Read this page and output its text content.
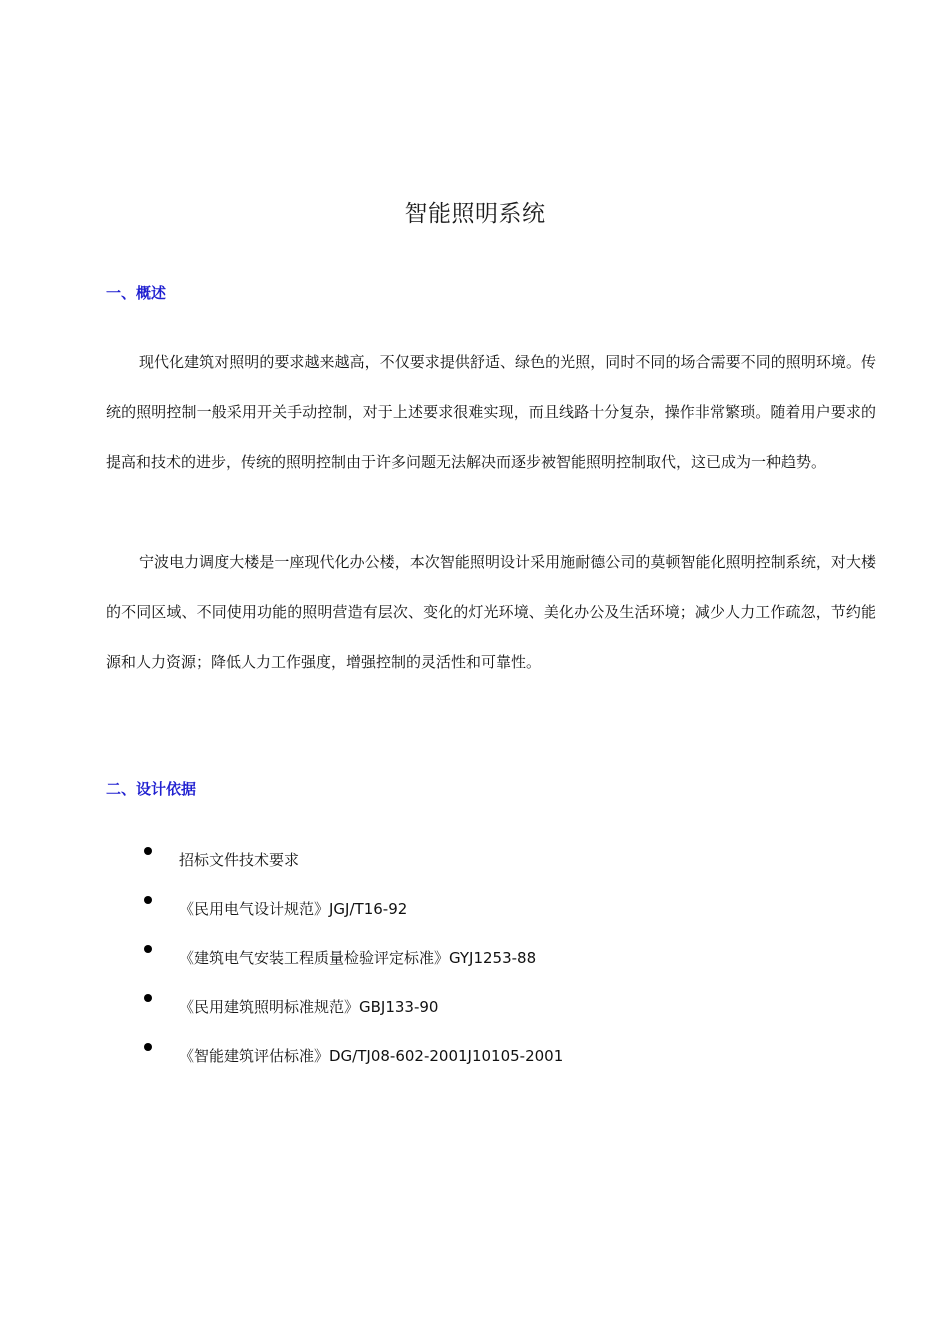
智能照明系统
一、概述

现代化建筑对照明的要求越来越高，不仅要求提供舒适、绿色的光照，同时不同的场合需要不同的照明环境。传统的照明控制一般采用开关手动控制，对于上述要求很难实现，而且线路十分复杂，操作非常繁琐。随着用户要求的提高和技术的进步，传统的照明控制由于许多问题无法解决而逐步被智能照明控制取代，这已成为一种趋势。

宁波电力调度大楼是一座现代化办公楼，本次智能照明设计采用施耐德公司的莫顿智能化照明控制系统，对大楼的不同区域、不同使用功能的照明营造有层次、变化的灯光环境、美化办公及生活环境；减少人力工作疏忽，节约能源和人力资源；降低人力工作强度，增强控制的灵活性和可靠性。

二、设计依据
招标文件技术要求
《民用电气设计规范》JGJ/T16-92
《建筑电气安装工程质量检验评定标准》GYJ1253-88
《民用建筑照明标准规范》GBJ133-90
《智能建筑评估标准》DG/TJ08-602-2001J10105-2001
